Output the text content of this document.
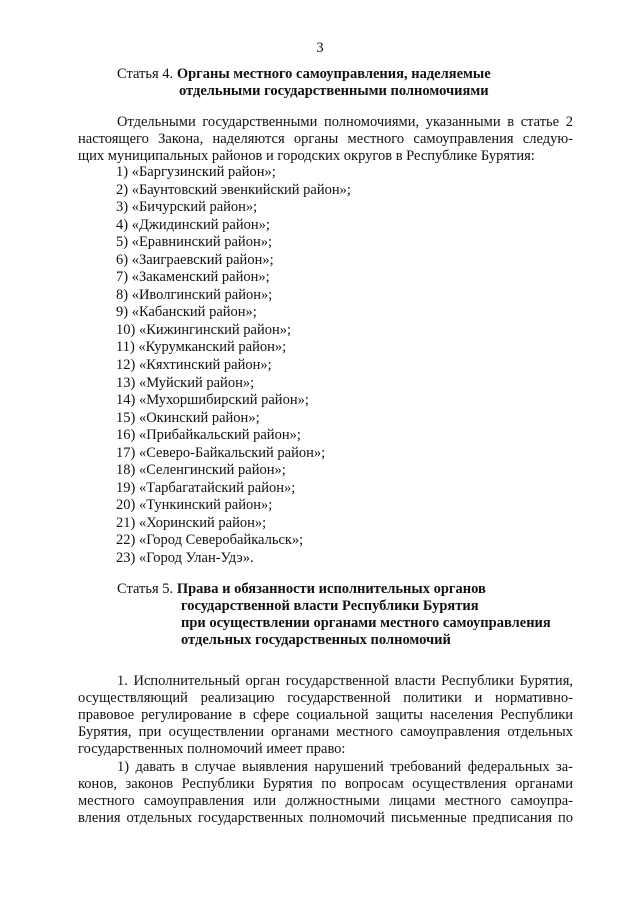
3
Статья 4. Органы местного самоуправления, наделяемые
отдельными государственными полномочиями
Отдельными государственными полномочиями, указанными в статье 2
настоящего Закона, наделяются органы местного самоуправления следую-
щих муниципальных районов и городских округов в Республике Бурятия:
1) «Баргузинский район»;
2) «Баунтовский эвенкийский район»;
3) «Бичурский район»;
4) «Джидинский район»;
5) «Еравнинский район»;
6) «Заиграевский район»;
7) «Закаменский район»;
8) «Иволгинский район»;
9) «Кабанский район»;
10) «Кижингинский район»;
11) «Курумканский район»;
12) «Кяхтинский район»;
13) «Муйский район»;
14) «Мухоршибирский район»;
15) «Окинский район»;
16) «Прибайкальский район»;
17) «Северо-Байкальский район»;
18) «Селенгинский район»;
19) «Тарбагатайский район»;
20) «Тункинский район»;
21) «Хоринский район»;
22) «Город Северобайкальск»;
23) «Город Улан-Удэ».
Статья 5. Права и обязанности исполнительных органов
государственной власти Республики Бурятия
при осуществлении органами местного самоуправления
отдельных государственных полномочий
1. Исполнительный орган государственной власти Республики Бурятия,
осуществляющий реализацию государственной политики и нормативно-
правовое регулирование в сфере социальной защиты населения Республики
Бурятия, при осуществлении органами местного самоуправления отдельных
государственных полномочий имеет право:
1) давать в случае выявления нарушений требований федеральных за-
конов, законов Республики Бурятия по вопросам осуществления органами
местного самоуправления или должностными лицами местного самоупра-
вления отдельных государственных полномочий письменные предписания по
